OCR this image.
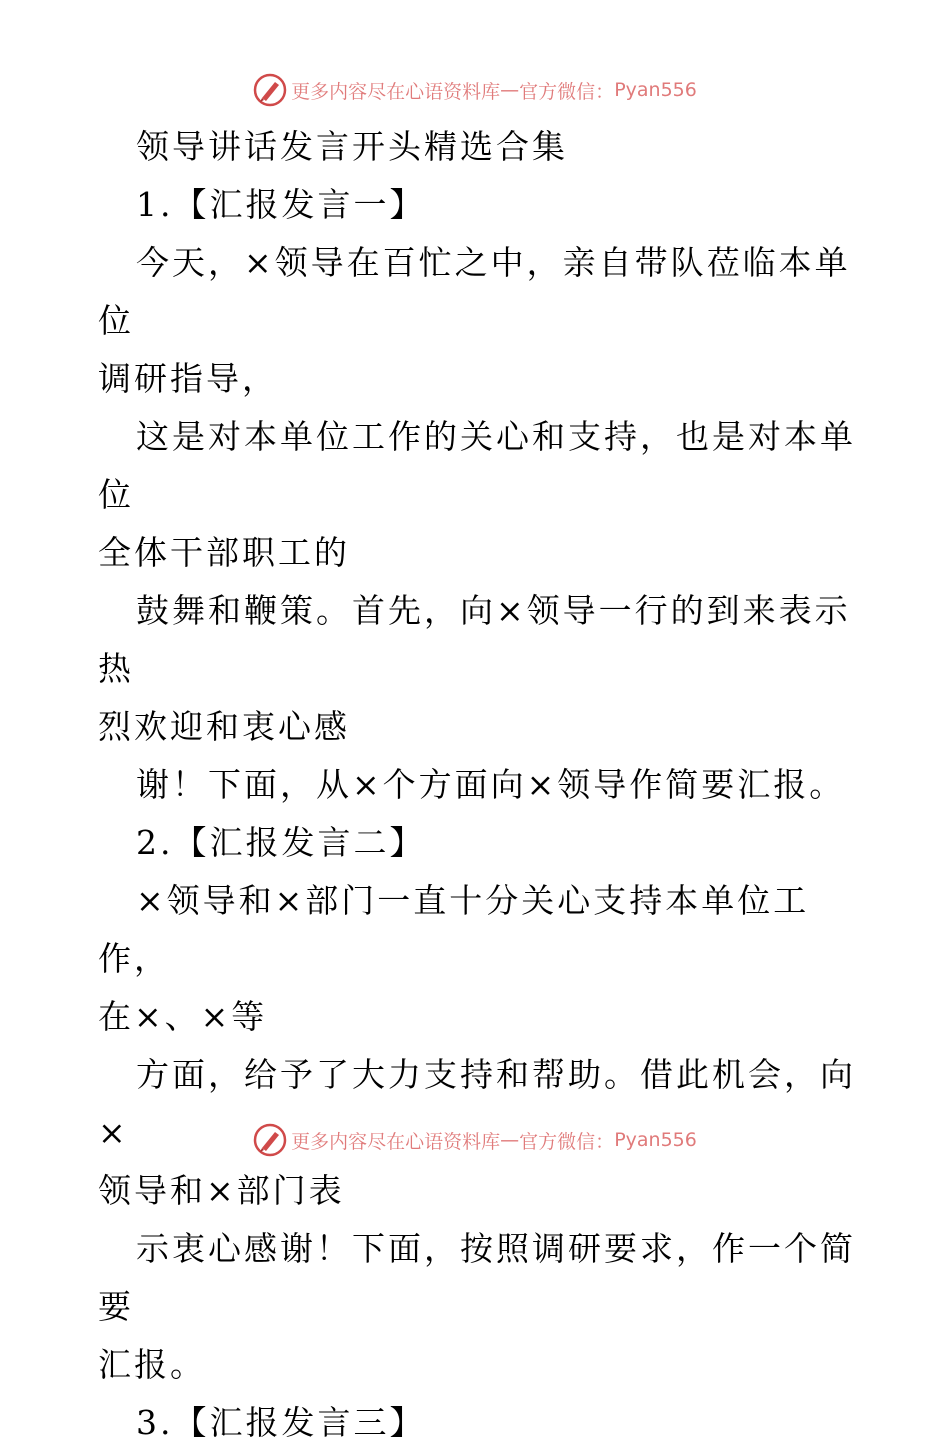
更多内容尽在心语资料库 — 官方微信： Pyan556

领导讲话发言开头精选合集

1.【汇报发言一】

今天，×领导在百忙之中，亲自带队莅临本单位

调研指导，

这是对本单位工作的关心和支持，也是对本单位

全体干部职工的

鼓舞和鞭策。首先，向×领导一行的到来表示热

烈欢迎和衷心感

谢！下面，从×个方面向×领导作简要汇报。

2.【汇报发言二】

×领导和×部门一直十分关心支持本单位工作，

在×、×等

方面，给予了大力支持和帮助。借此机会，向×

领导和×部门表

示衷心感谢！下面，按照调研要求，作一个简要

汇报。

3.【汇报发言三】

更多内容尽在心语资料库 — 官方微信： Pyan556
